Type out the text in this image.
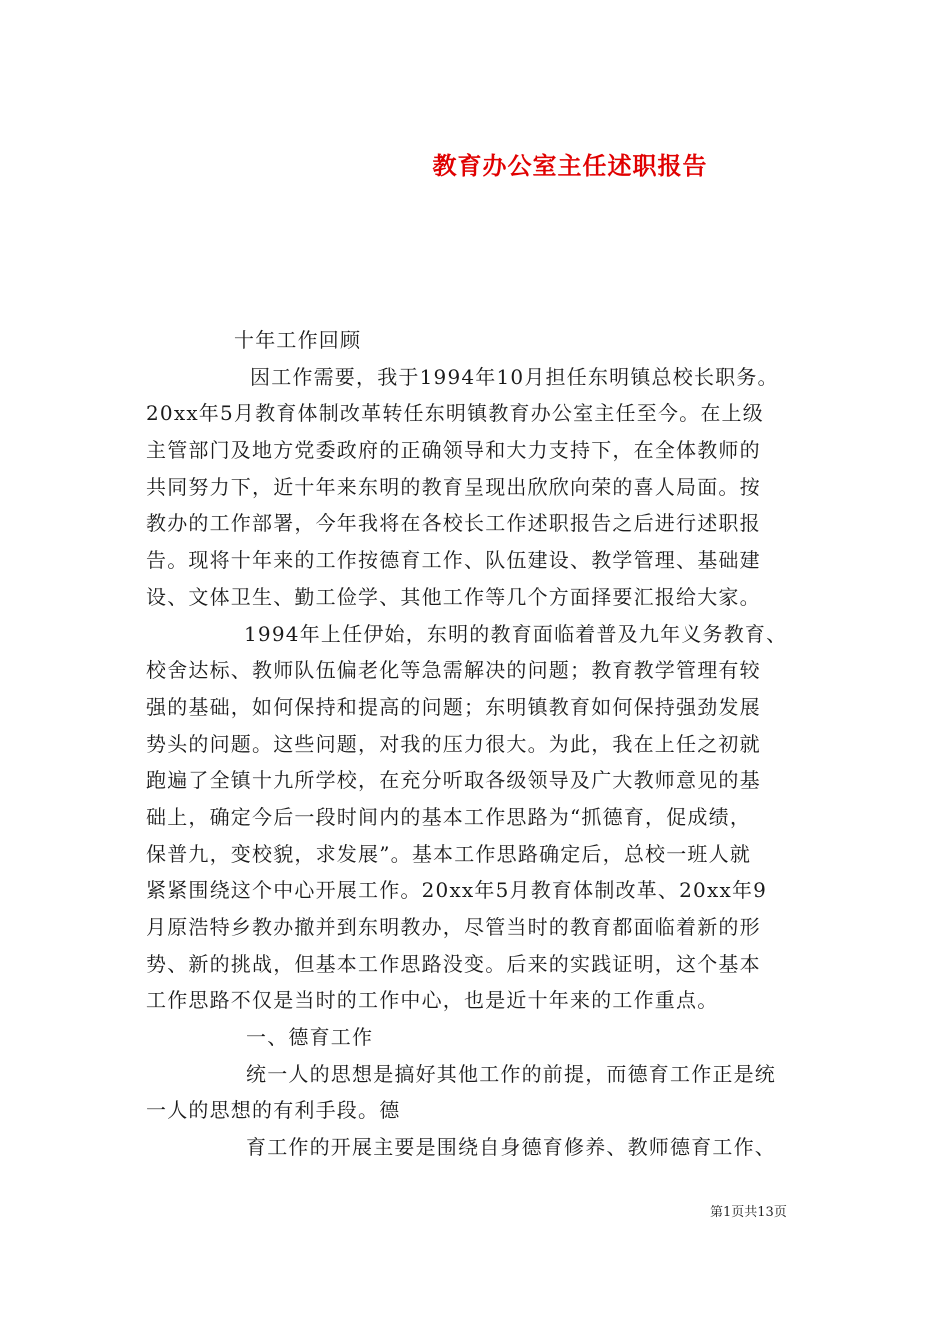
教育办公室主任述职报告
十年工作回顾
因工作需要，我于1994年10月担任东明镇总校长职务。
20xx年5月教育体制改革转任东明镇教育办公室主任至今。在上级
主管部门及地方党委政府的正确领导和大力支持下，在全体教师的
共同努力下，近十年来东明的教育呈现出欣欣向荣的喜人局面。按
教办的工作部署，今年我将在各校长工作述职报告之后进行述职报
告。现将十年来的工作按德育工作、队伍建设、教学管理、基础建
设、文体卫生、勤工俭学、其他工作等几个方面择要汇报给大家。
1994年上任伊始，东明的教育面临着普及九年义务教育、
校舍达标、教师队伍偏老化等急需解决的问题；教育教学管理有较
强的基础，如何保持和提高的问题；东明镇教育如何保持强劲发展
势头的问题。这些问题，对我的压力很大。为此，我在上任之初就
跑遍了全镇十九所学校，在充分听取各级领导及广大教师意见的基
础上，确定今后一段时间内的基本工作思路为“抓德育，促成绩，
保普九，变校貌，求发展”。基本工作思路确定后，总校一班人就
紧紧围绕这个中心开展工作。20xx年5月教育体制改革、20xx年9
月原浩特乡教办撤并到东明教办，尽管当时的教育都面临着新的形
势、新的挑战，但基本工作思路没变。后来的实践证明，这个基本
工作思路不仅是当时的工作中心，也是近十年来的工作重点。
一、德育工作
统一人的思想是搞好其他工作的前提，而德育工作正是统
一人的思想的有利手段。德
育工作的开展主要是围绕自身德育修养、教师德育工作、
第1页共13页
